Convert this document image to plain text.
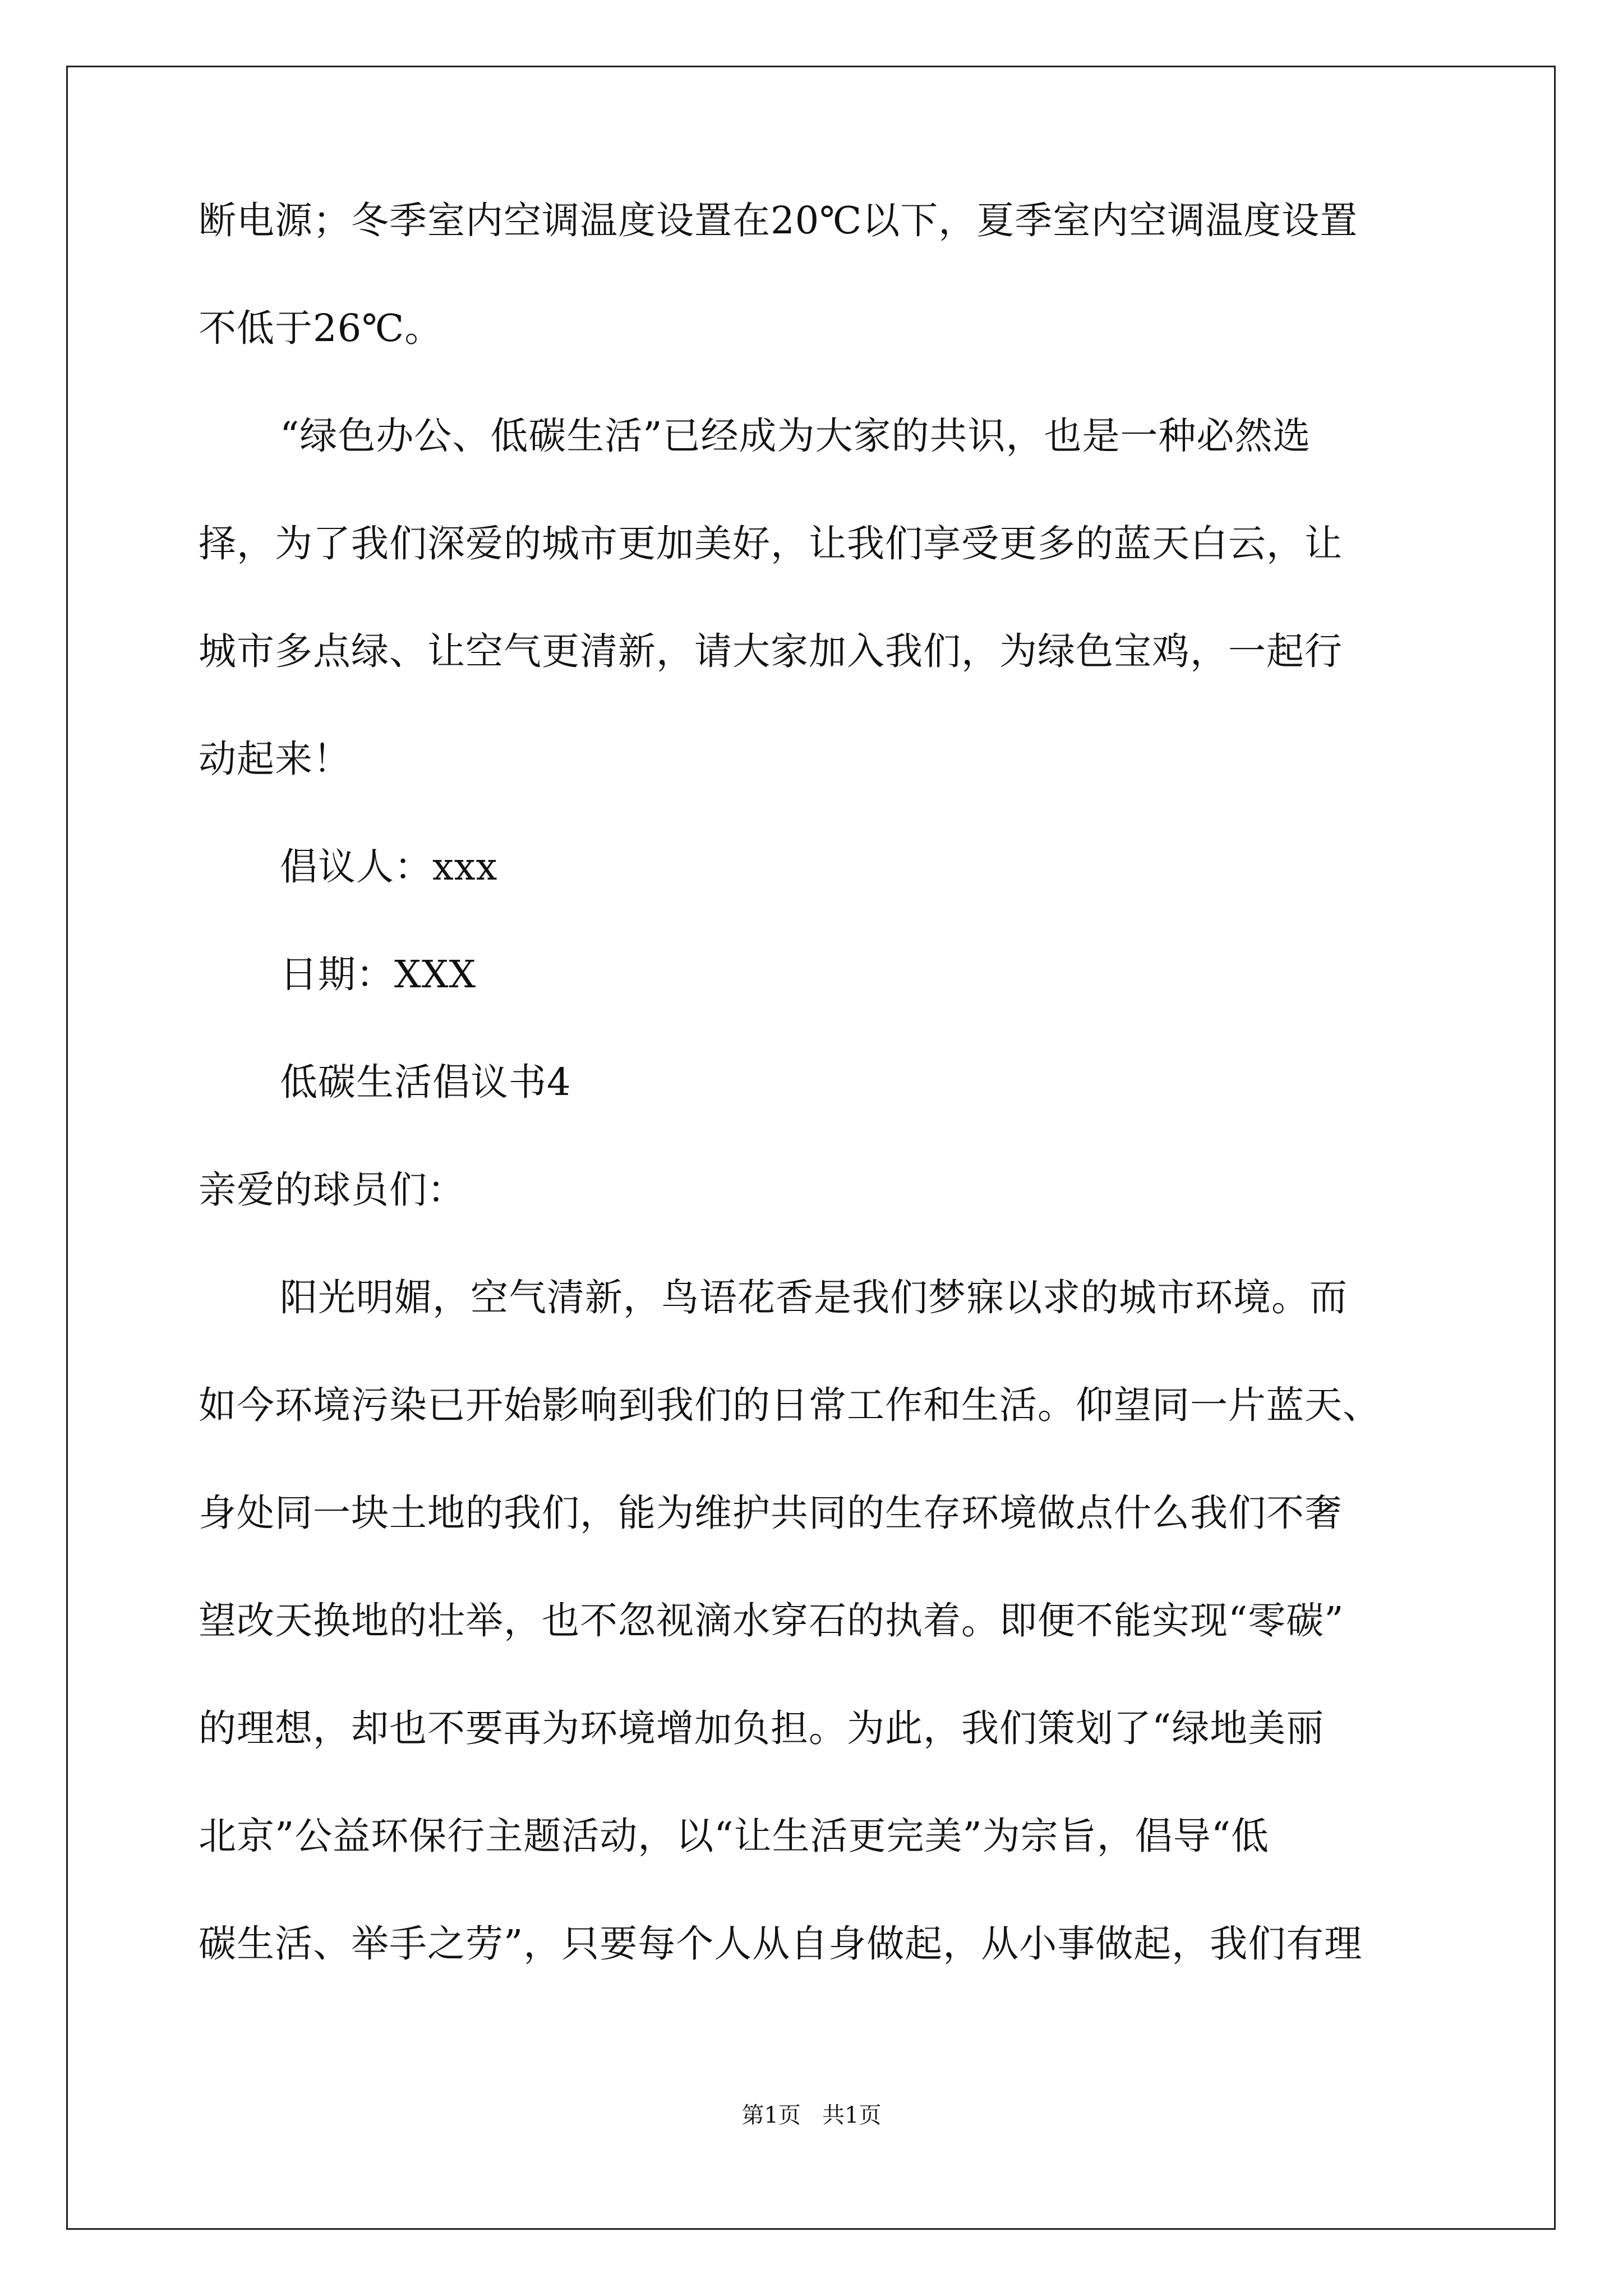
断电源；冬季室内空调温度设置在20℃以下，夏季室内空调温度设置
不低于26℃。
“绿色办公、低碳生活”已经成为大家的共识，也是一种必然选
择，为了我们深爱的城市更加美好，让我们享受更多的蓝天白云，让
城市多点绿、让空气更清新，请大家加入我们，为绿色宝鸡，一起行
动起来！
倡议人：xxx
日期：XXX
低碳生活倡议书4
亲爱的球员们：
阳光明媚，空气清新，鸟语花香是我们梦寐以求的城市环境。而
如今环境污染已开始影响到我们的日常工作和生活。仰望同一片蓝天、
身处同一块土地的我们，能为维护共同的生存环境做点什么我们不奢
望改天换地的壮举，也不忽视滴水穿石的执着。即便不能实现“零碳”
的理想，却也不要再为环境增加负担。为此，我们策划了“绿地美丽
北京”公益环保行主题活动，以“让生活更完美”为宗旨，倡导“低
碳生活、举手之劳”，只要每个人从自身做起，从小事做起，我们有理
第1页   共1页
